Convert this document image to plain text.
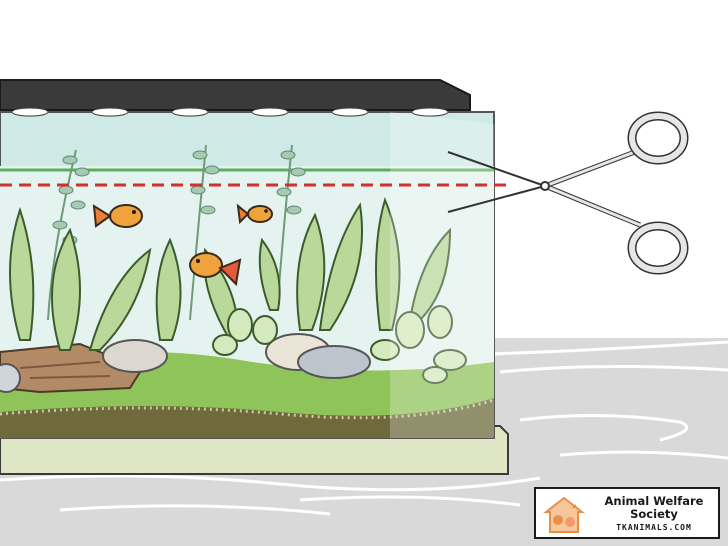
Animal Welfare Society
TKANIMALS.COM
